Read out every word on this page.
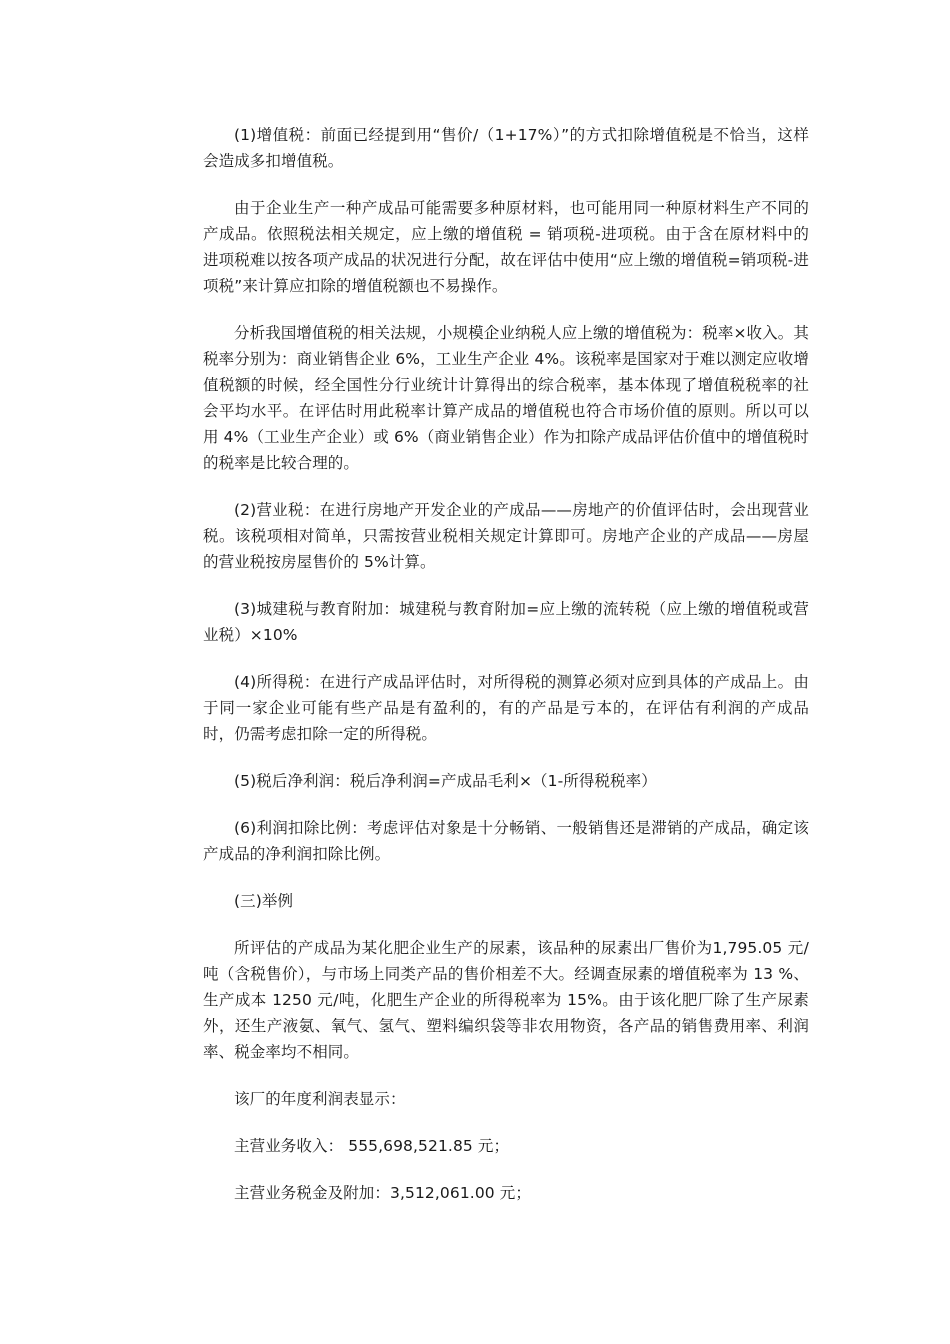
(1)增值税：前面已经提到用“售价/（1+17%）”的方式扣除增值税是不恰当，这样会造成多扣增值税。

由于企业生产一种产成品可能需要多种原材料，也可能用同一种原材料生产不同的产成品。依照税法相关规定，应上缴的增值税 = 销项税-进项税。由于含在原材料中的进项税难以按各项产成品的状况进行分配，故在评估中使用“应上缴的增值税=销项税-进项税”来计算应扣除的增值税额也不易操作。

分析我国增值税的相关法规，小规模企业纳税人应上缴的增值税为：税率×收入。其税率分别为：商业销售企业 6%，工业生产企业 4%。该税率是国家对于难以测定应收增值税额的时候，经全国性分行业统计计算得出的综合税率，基本体现了增值税税率的社会平均水平。在评估时用此税率计算产成品的增值税也符合市场价值的原则。所以可以用 4%（工业生产企业）或 6%（商业销售企业）作为扣除产成品评估价值中的增值税时的税率是比较合理的。

(2)营业税：在进行房地产开发企业的产成品——房地产的价值评估时，会出现营业税。该税项相对简单，只需按营业税相关规定计算即可。房地产企业的产成品——房屋的营业税按房屋售价的 5%计算。

(3)城建税与教育附加：城建税与教育附加=应上缴的流转税（应上缴的增值税或营业税）×10%

(4)所得税：在进行产成品评估时，对所得税的测算必须对应到具体的产成品上。由于同一家企业可能有些产品是有盈利的，有的产品是亏本的，在评估有利润的产成品时，仍需考虑扣除一定的所得税。

(5)税后净利润：税后净利润=产成品毛利×（1-所得税税率）

(6)利润扣除比例：考虑评估对象是十分畅销、一般销售还是滞销的产成品，确定该产成品的净利润扣除比例。

(三)举例

所评估的产成品为某化肥企业生产的尿素，该品种的尿素出厂售价为1,795.05 元/吨（含税售价），与市场上同类产品的售价相差不大。经调查尿素的增值税率为 13 %、生产成本 1250 元/吨，化肥生产企业的所得税率为 15%。由于该化肥厂除了生产尿素外，还生产液氨、氧气、氢气、塑料编织袋等非农用物资，各产品的销售费用率、利润率、税金率均不相同。

该厂的年度利润表显示：

主营业务收入： 555,698,521.85 元；

主营业务税金及附加：3,512,061.00 元；
